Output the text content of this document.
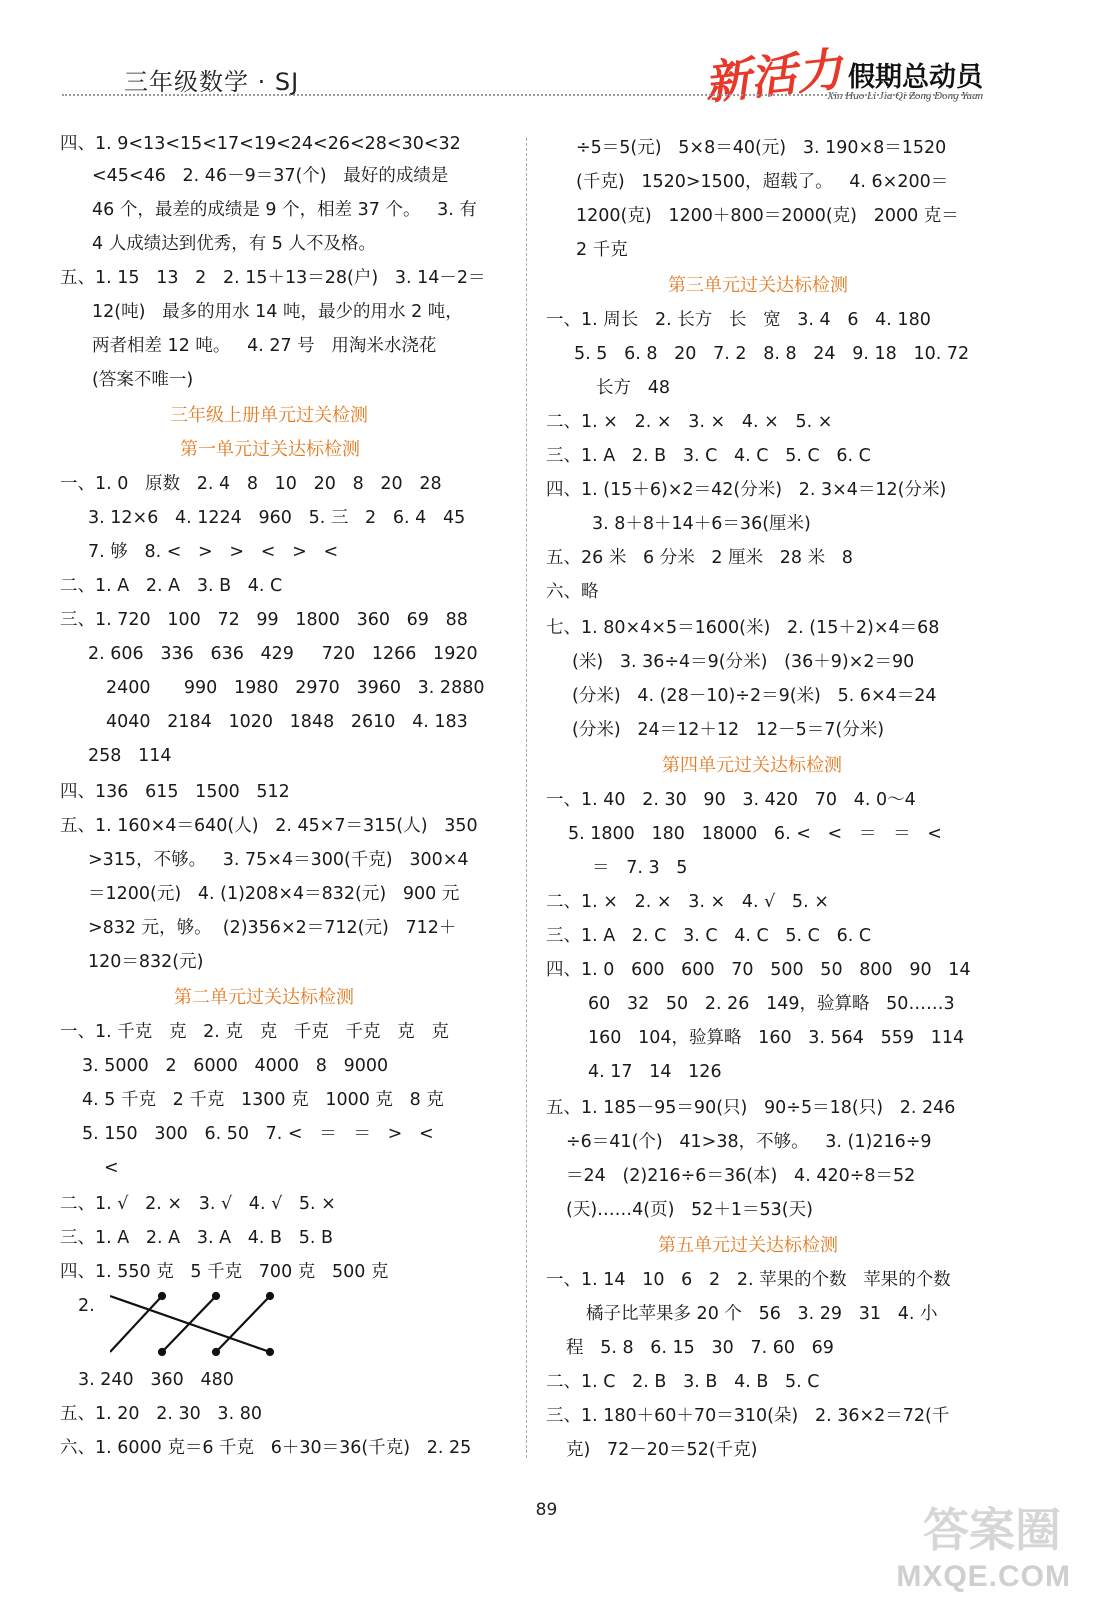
三年级数学 · SJ	新活力 假期总动员
Xin Huo Li Jia Qi Zong Dong Yuan
四、1. 9<13<15<17<19<24<26<28<30<32
<45<46   2. 46－9＝37(个)   最好的成绩是
46 个，最差的成绩是 9 个，相差 37 个。   3. 有
4 人成绩达到优秀，有 5 人不及格。
五、1. 15   13   2   2. 15＋13＝28(户)   3. 14－2＝
12(吨)   最多的用水 14 吨，最少的用水 2 吨，
两者相差 12 吨。   4. 27 号   用淘米水浇花
(答案不唯一)
三年级上册单元过关检测
第一单元过关达标检测
一、1. 0   原数   2. 4   8   10   20   8   20   28
3. 12×6   4. 1224   960   5. 三   2   6. 4   45
7. 够   8. <   >   >   <   >   <
二、1. A   2. A   3. B   4. C
三、1. 720   100   72   99   1800   360   69   88
2. 606   336   636   429     720   1266   1920
2400      990   1980   2970   3960   3. 2880
4040   2184   1020   1848   2610   4. 183
258   114
四、136   615   1500   512
五、1. 160×4＝640(人)   2. 45×7＝315(人)   350
>315，不够。   3. 75×4＝300(千克)   300×4
＝1200(元)   4. (1)208×4＝832(元)   900 元
>832 元，够。  (2)356×2＝712(元)   712＋
120＝832(元)
第二单元过关达标检测
一、1. 千克   克   2. 克   克   千克   千克   克   克
3. 5000   2   6000   4000   8   9000
4. 5 千克   2 千克   1300 克   1000 克   8 克
5. 150   300   6. 50   7. <   ＝   ＝   >   <
<
二、1. √   2. ×   3. √   4. √   5. ×
三、1. A   2. A   3. A   4. B   5. B
四、1. 550 克   5 千克   700 克   500 克
2.
3. 240   360   480
五、1. 20   2. 30   3. 80
六、1. 6000 克＝6 千克   6＋30＝36(千克)   2. 25
÷5＝5(元)   5×8＝40(元)   3. 190×8＝1520
(千克)   1520>1500，超载了。   4. 6×200＝
1200(克)   1200＋800＝2000(克)   2000 克＝
2 千克
第三单元过关达标检测
一、1. 周长   2. 长方   长   宽   3. 4   6   4. 180
5. 5   6. 8   20   7. 2   8. 8   24   9. 18   10. 72
长方   48
二、1. ×   2. ×   3. ×   4. ×   5. ×
三、1. A   2. B   3. C   4. C   5. C   6. C
四、1. (15＋6)×2＝42(分米)   2. 3×4＝12(分米)
3. 8＋8＋14＋6＝36(厘米)
五、26 米   6 分米   2 厘米   28 米   8
六、略
七、1. 80×4×5＝1600(米)   2. (15＋2)×4＝68
(米)   3. 36÷4＝9(分米)   (36＋9)×2＝90
(分米)   4. (28－10)÷2＝9(米)   5. 6×4＝24
(分米)   24＝12＋12   12－5＝7(分米)
第四单元过关达标检测
一、1. 40   2. 30   90   3. 420   70   4. 0～4
5. 1800   180   18000   6. <   <   ＝   ＝   <
＝   7. 3   5
二、1. ×   2. ×   3. ×   4. √   5. ×
三、1. A   2. C   3. C   4. C   5. C   6. C
四、1. 0   600   600   70   500   50   800   90   14
60   32   50   2. 26   149，验算略   50……3
160   104，验算略   160   3. 564   559   114
4. 17   14   126
五、1. 185－95＝90(只)   90÷5＝18(只)   2. 246
÷6＝41(个)   41>38，不够。   3. (1)216÷9
＝24   (2)216÷6＝36(本)   4. 420÷8＝52
(天)……4(页)   52＋1＝53(天)
第五单元过关达标检测
一、1. 14   10   6   2   2. 苹果的个数   苹果的个数
橘子比苹果多 20 个   56   3. 29   31   4. 小
程   5. 8   6. 15   30   7. 60   69
二、1. C   2. B   3. B   4. B   5. C
三、1. 180＋60＋70＝310(朵)   2. 36×2＝72(千
克)   72－20＝52(千克)
89	答案圈
MXQE.COM
